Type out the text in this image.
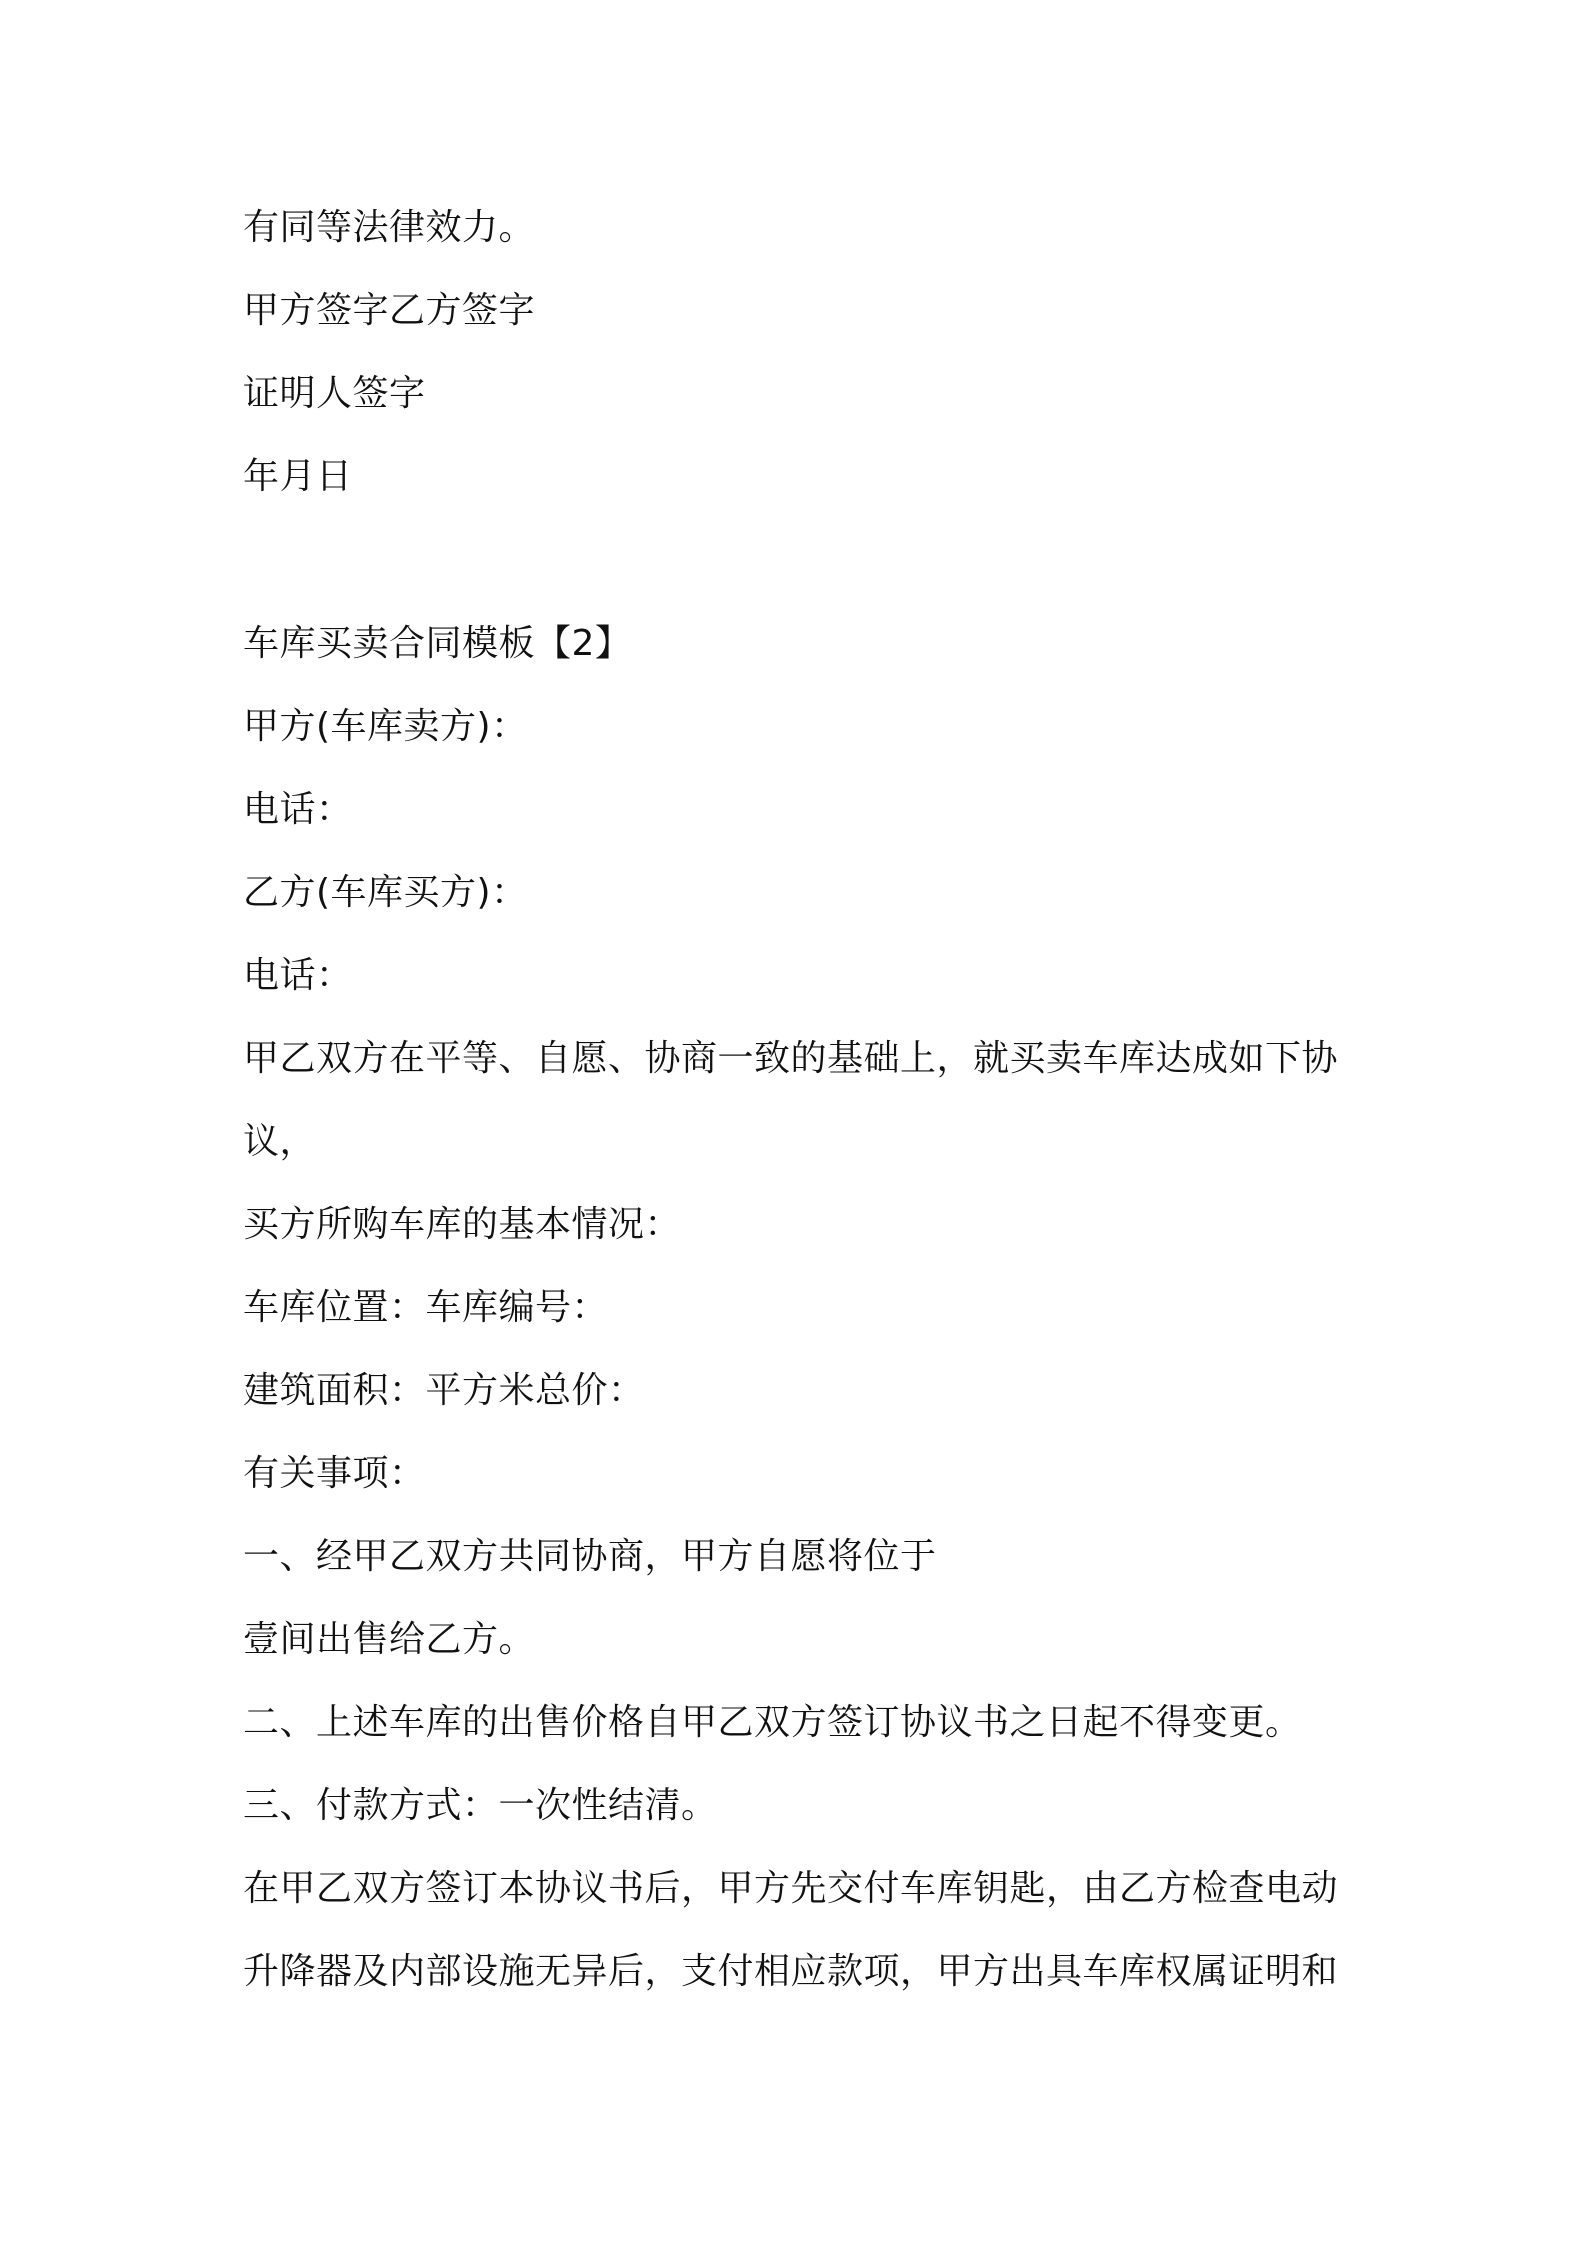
有同等法律效力。

甲方签字乙方签字

证明人签字

年月日

车库买卖合同模板【2】

甲方(车库卖方)：

电话：

乙方(车库买方)：

电话：

甲乙双方在平等、自愿、协商一致的基础上，就买卖车库达成如下协

议，

买方所购车库的基本情况：

车库位置：车库编号：

建筑面积：平方米总价：

有关事项：

一、经甲乙双方共同协商，甲方自愿将位于

壹间出售给乙方。

二、上述车库的出售价格自甲乙双方签订协议书之日起不得变更。

三、付款方式：一次性结清。

在甲乙双方签订本协议书后，甲方先交付车库钥匙，由乙方检查电动

升降器及内部设施无异后，支付相应款项，甲方出具车库权属证明和
